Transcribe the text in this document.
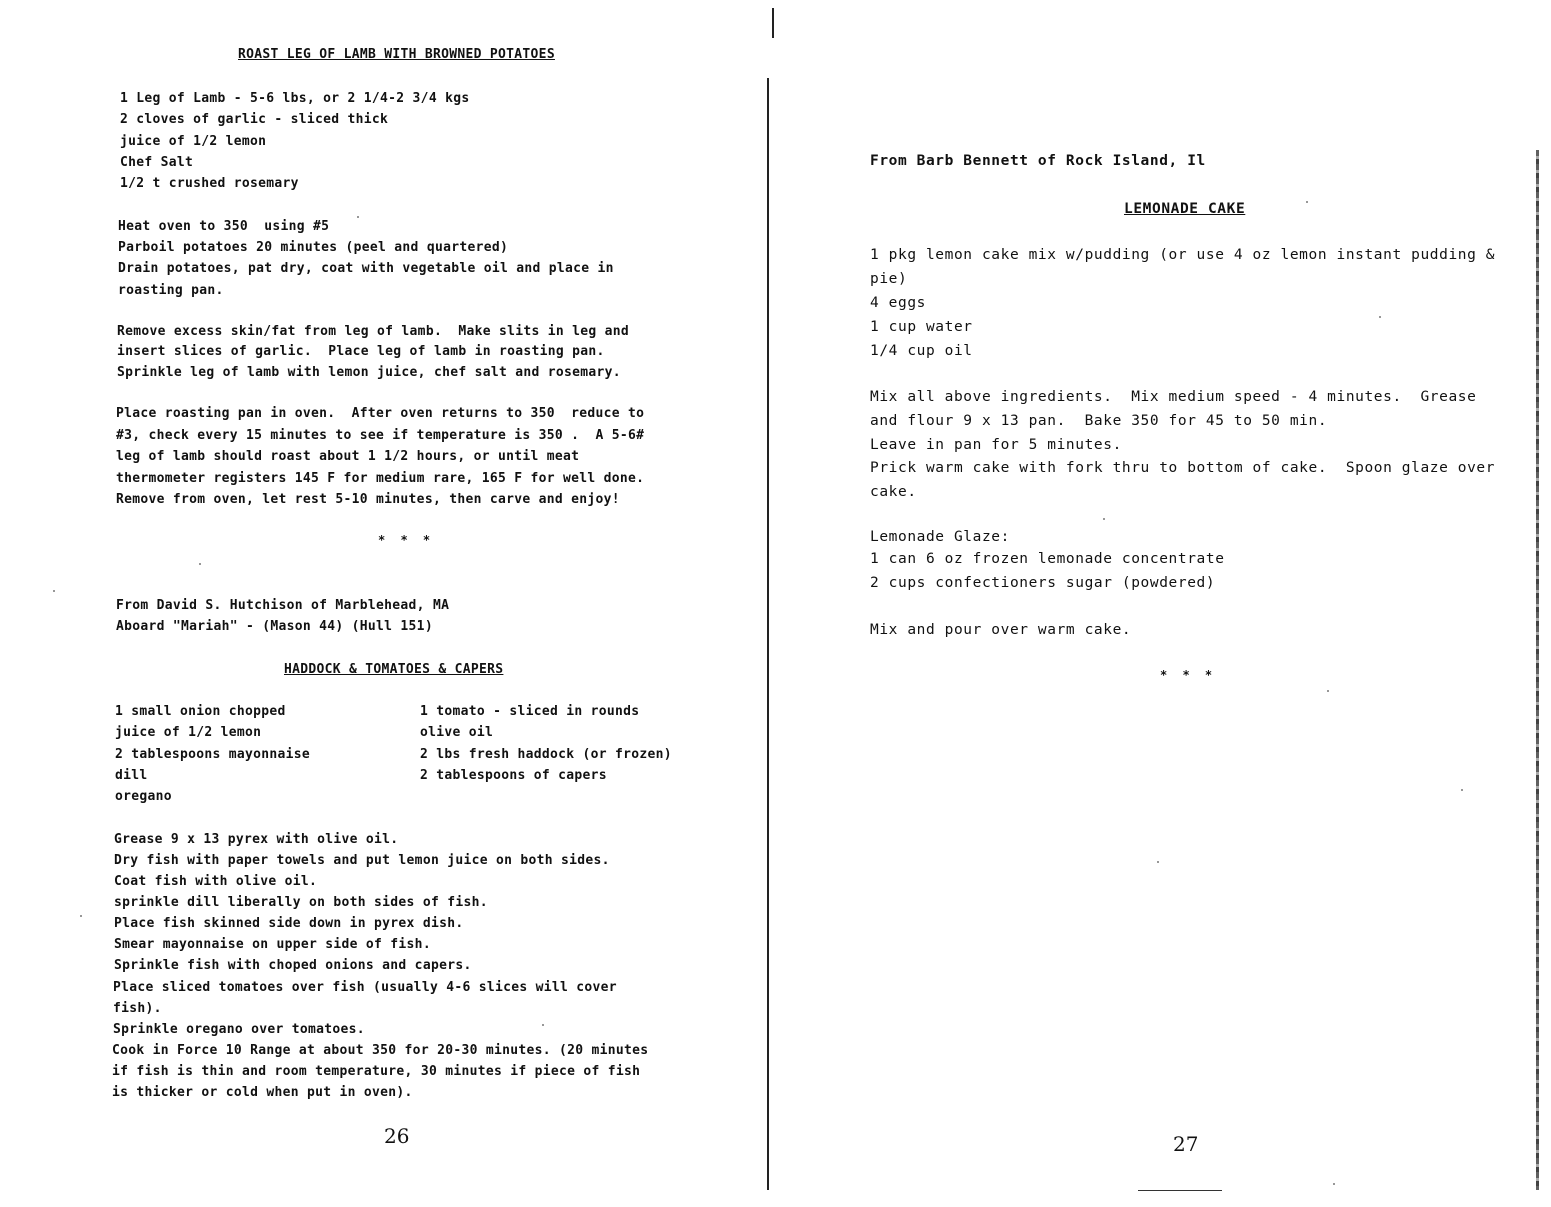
ROAST LEG OF LAMB WITH BROWNED POTATOES
1 Leg of Lamb - 5-6 lbs, or 2 1/4-2 3/4 kgs
2 cloves of garlic - sliced thick
juice of 1/2 lemon
Chef Salt
1/2 t crushed rosemary
Heat oven to 350  using #5
Parboil potatoes 20 minutes (peel and quartered)
Drain potatoes, pat dry, coat with vegetable oil and place in
roasting pan.
Remove excess skin/fat from leg of lamb.  Make slits in leg and
insert slices of garlic.  Place leg of lamb in roasting pan.
Sprinkle leg of lamb with lemon juice, chef salt and rosemary.
Place roasting pan in oven.  After oven returns to 350  reduce to
#3, check every 15 minutes to see if temperature is 350 .  A 5-6#
leg of lamb should roast about 1 1/2 hours, or until meat
thermometer registers 145 F for medium rare, 165 F for well done.
Remove from oven, let rest 5-10 minutes, then carve and enjoy!
* * *
From David S. Hutchison of Marblehead, MA
Aboard "Mariah" - (Mason 44) (Hull 151)
HADDOCK & TOMATOES & CAPERS
1 small onion chopped
juice of 1/2 lemon
2 tablespoons mayonnaise
dill
oregano
1 tomato - sliced in rounds
olive oil
2 lbs fresh haddock (or frozen)
2 tablespoons of capers
Grease 9 x 13 pyrex with olive oil.
Dry fish with paper towels and put lemon juice on both sides.
Coat fish with olive oil.
sprinkle dill liberally on both sides of fish.
Place fish skinned side down in pyrex dish.
Smear mayonnaise on upper side of fish.
Sprinkle fish with choped onions and capers.
Place sliced tomatoes over fish (usually 4-6 slices will cover
fish).
Sprinkle oregano over tomatoes.
Cook in Force 10 Range at about 350 for 20-30 minutes. (20 minutes
if fish is thin and room temperature, 30 minutes if piece of fish
is thicker or cold when put in oven).
26
From Barb Bennett of Rock Island, Il
LEMONADE CAKE
1 pkg lemon cake mix w/pudding (or use 4 oz lemon instant pudding &
pie)
4 eggs
1 cup water
1/4 cup oil
Mix all above ingredients.  Mix medium speed - 4 minutes.  Grease
and flour 9 x 13 pan.  Bake 350 for 45 to 50 min.
Leave in pan for 5 minutes.
Prick warm cake with fork thru to bottom of cake.  Spoon glaze over
cake.
Lemonade Glaze:
1 can 6 oz frozen lemonade concentrate
2 cups confectioners sugar (powdered)
Mix and pour over warm cake.
* * *
27
